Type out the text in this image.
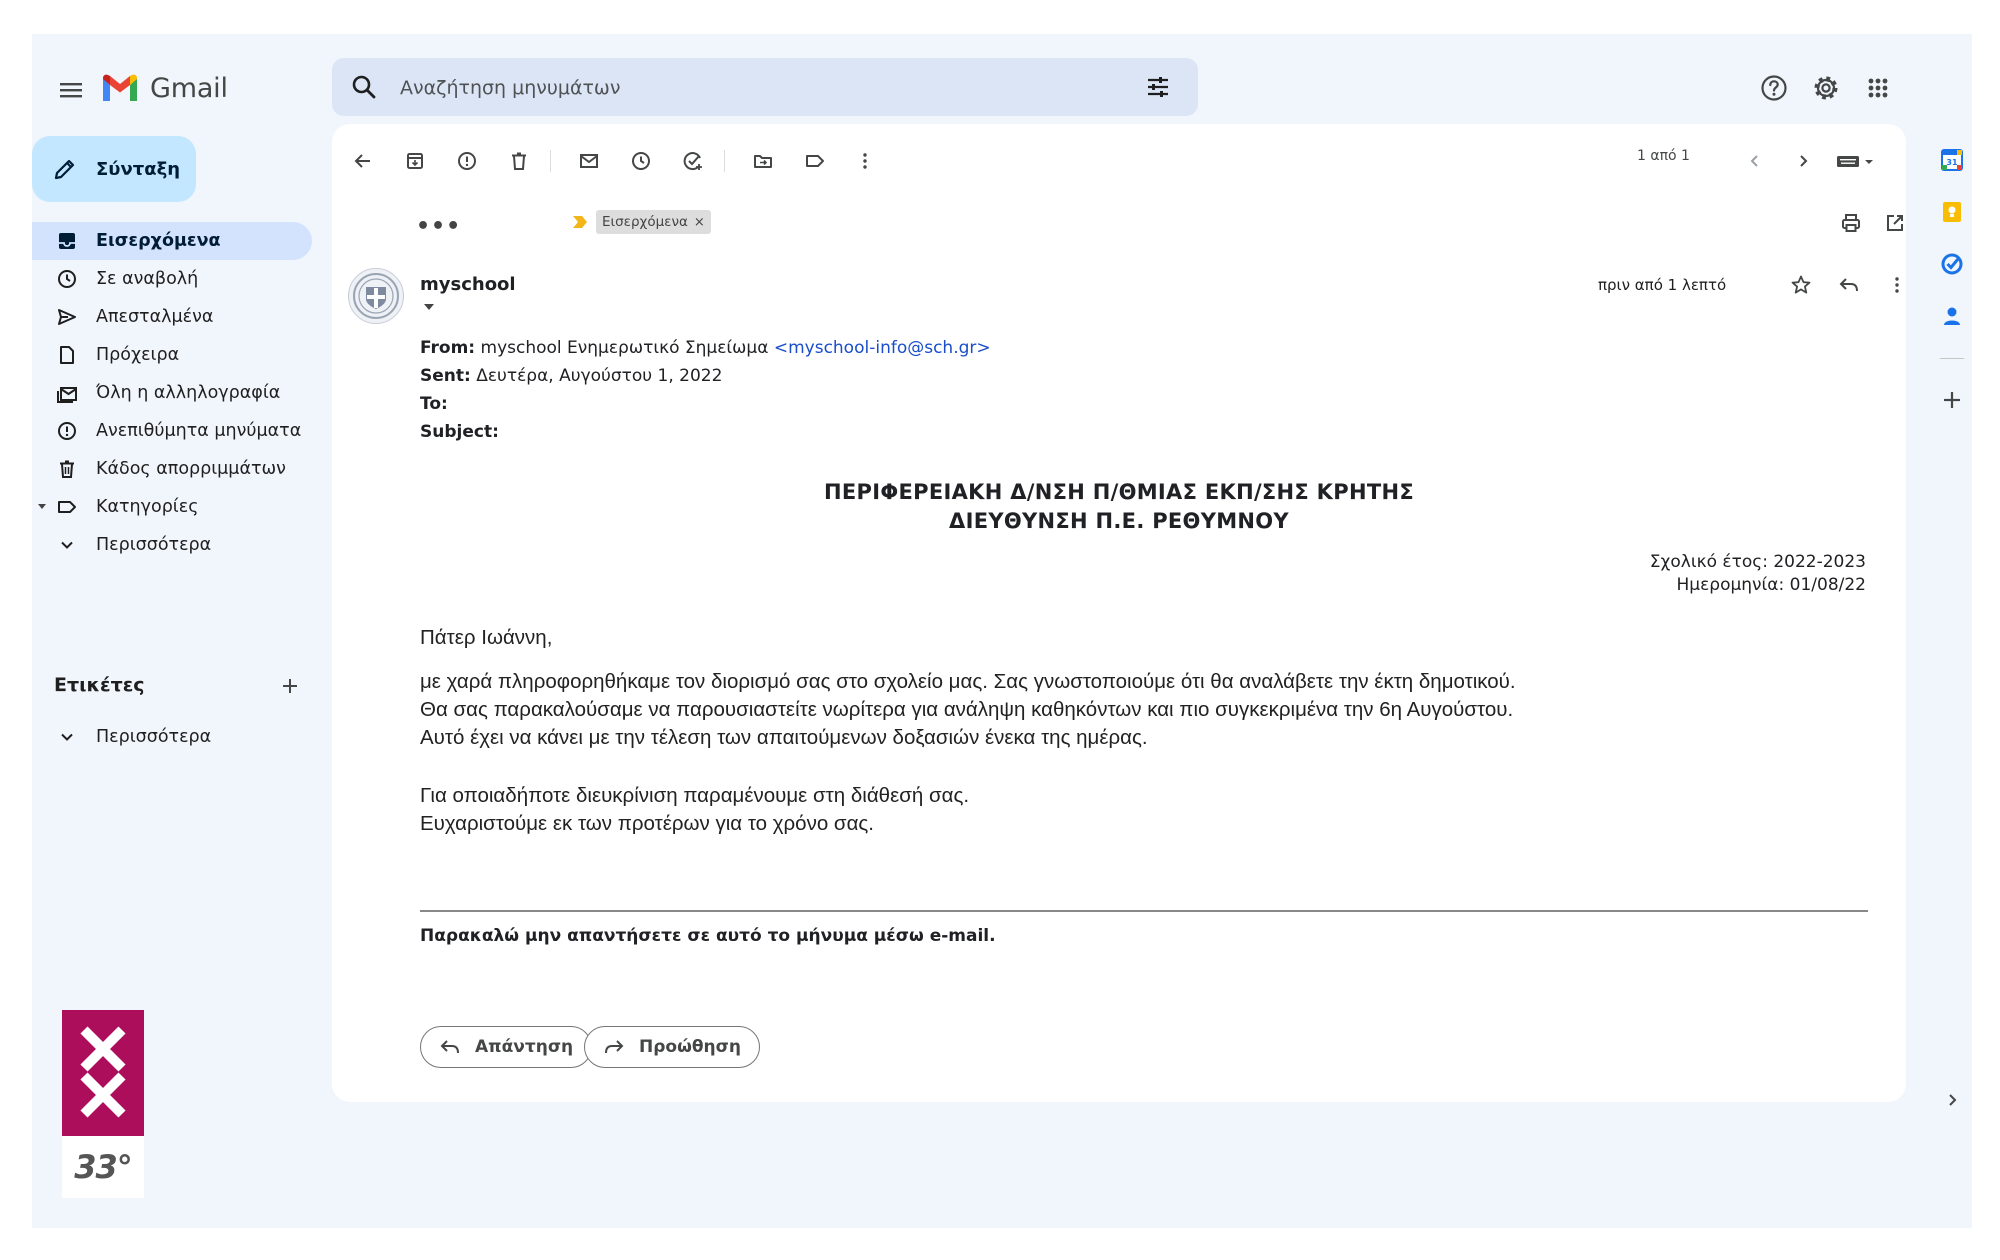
Gmail
Αναζήτηση μηνυμάτων
Σύνταξη
Εισερχόμενα
Σε αναβολή
Απεσταλμένα
Πρόχειρα
Όλη η αλληλογραφία
Ανεπιθύμητα μηνύματα
Κάδος απορριμμάτων
Κατηγορίες
Περισσότερα
Ετικέτες
Περισσότερα
33°
1 από 1
•••	Εισερχόμενα ×
myschool	πριν από 1 λεπτό
From: myschool Ενημερωτικό Σημείωμα <myschool-info@sch.gr>
Sent: Δευτέρα, Αυγούστου 1, 2022
To:
Subject:
ΠΕΡΙΦΕΡΕΙΑΚΗ Δ/ΝΣΗ Π/ΘΜΙΑΣ ΕΚΠ/ΣΗΣ ΚΡΗΤΗΣ
ΔΙΕΥΘΥΝΣΗ Π.Ε. ΡΕΘΥΜΝΟΥ
Σχολικό έτος: 2022-2023
Ημερομηνία: 01/08/22
Πάτερ Ιωάννη,
με χαρά πληροφορηθήκαμε τον διορισμό σας στο σχολείο μας. Σας γνωστοποιούμε ότι θα αναλάβετε την έκτη δημοτικού.
Θα σας παρακαλούσαμε να παρουσιαστείτε νωρίτερα για ανάληψη καθηκόντων και πιο συγκεκριμένα την 6η Αυγούστου.
Αυτό έχει να κάνει με την τέλεση των απαιτούμενων δοξασιών ένεκα της ημέρας.
Για οποιαδήποτε διευκρίνιση παραμένουμε στη διάθεσή σας.
Ευχαριστούμε εκ των προτέρων για το χρόνο σας.
Παρακαλώ μην απαντήσετε σε αυτό το μήνυμα μέσω e-mail.
Απάντηση	Προώθηση
31
